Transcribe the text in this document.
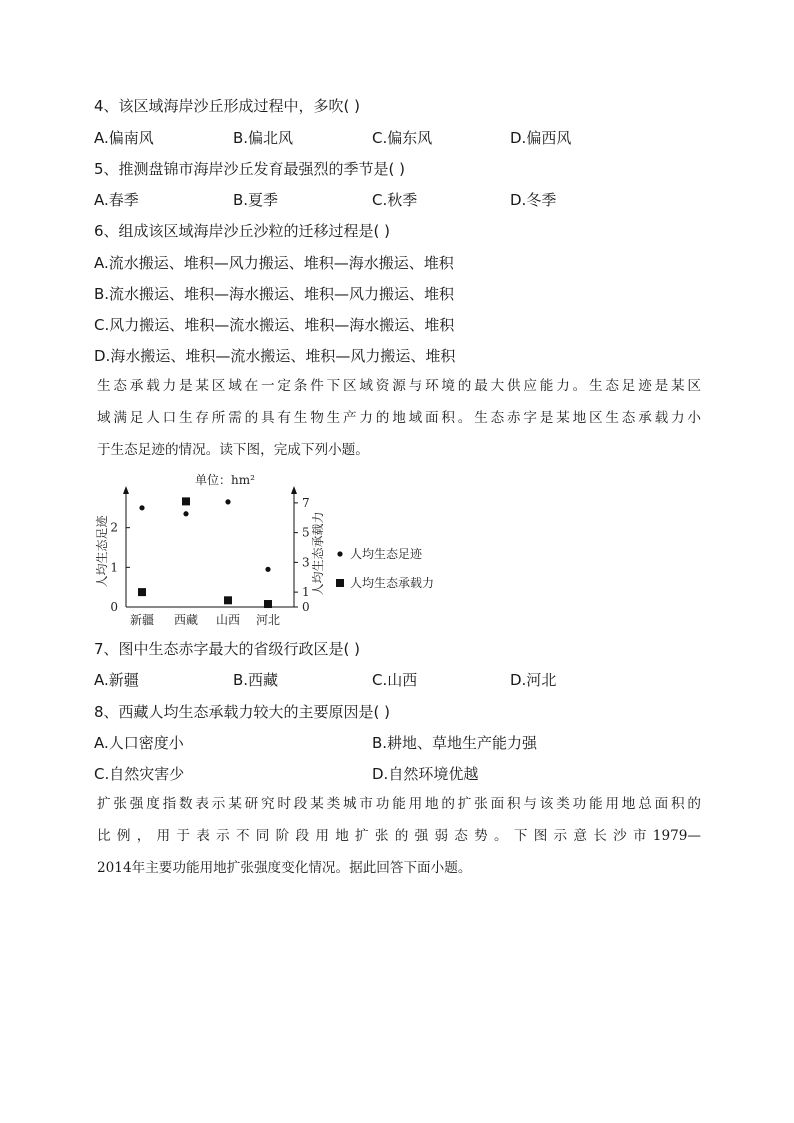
4、该区域海岸沙丘形成过程中，多吹( )
A.偏南风	B.偏北风	C.偏东风	D.偏西风
5、推测盘锦市海岸沙丘发育最强烈的季节是( )
A.春季	B.夏季	C.秋季	D.冬季
6、组成该区域海岸沙丘沙粒的迁移过程是( )
A.流水搬运、堆积—风力搬运、堆积—海水搬运、堆积
B.流水搬运、堆积—海水搬运、堆积—风力搬运、堆积
C.风力搬运、堆积—流水搬运、堆积—海水搬运、堆积
D.海水搬运、堆积—流水搬运、堆积—风力搬运、堆积
生态承载力是某区域在一定条件下区域资源与环境的最大供应能力。生态足迹是某区
域满足人口生存所需的具有生物生产力的地域面积。生态赤字是某地区生态承载力小
于生态足迹的情况。读下图，完成下列小题。
单位：hm²
0
1
2
0
1
3
5
7
人均生态足迹	人均生态承载力
新疆 西藏 山西 河北
人均生态足迹
人均生态承载力
7、图中生态赤字最大的省级行政区是( )
A.新疆	B.西藏	C.山西	D.河北
8、西藏人均生态承载力较大的主要原因是( )
A.人口密度小	B.耕地、草地生产能力强
C.自然灾害少	D.自然环境优越
扩张强度指数表示某研究时段某类城市功能用地的扩张面积与该类功能用地总面积的
比例，用于表示不同阶段用地扩张的强弱态势。下图示意长沙市1979—
2014年主要功能用地扩张强度变化情况。据此回答下面小题。
